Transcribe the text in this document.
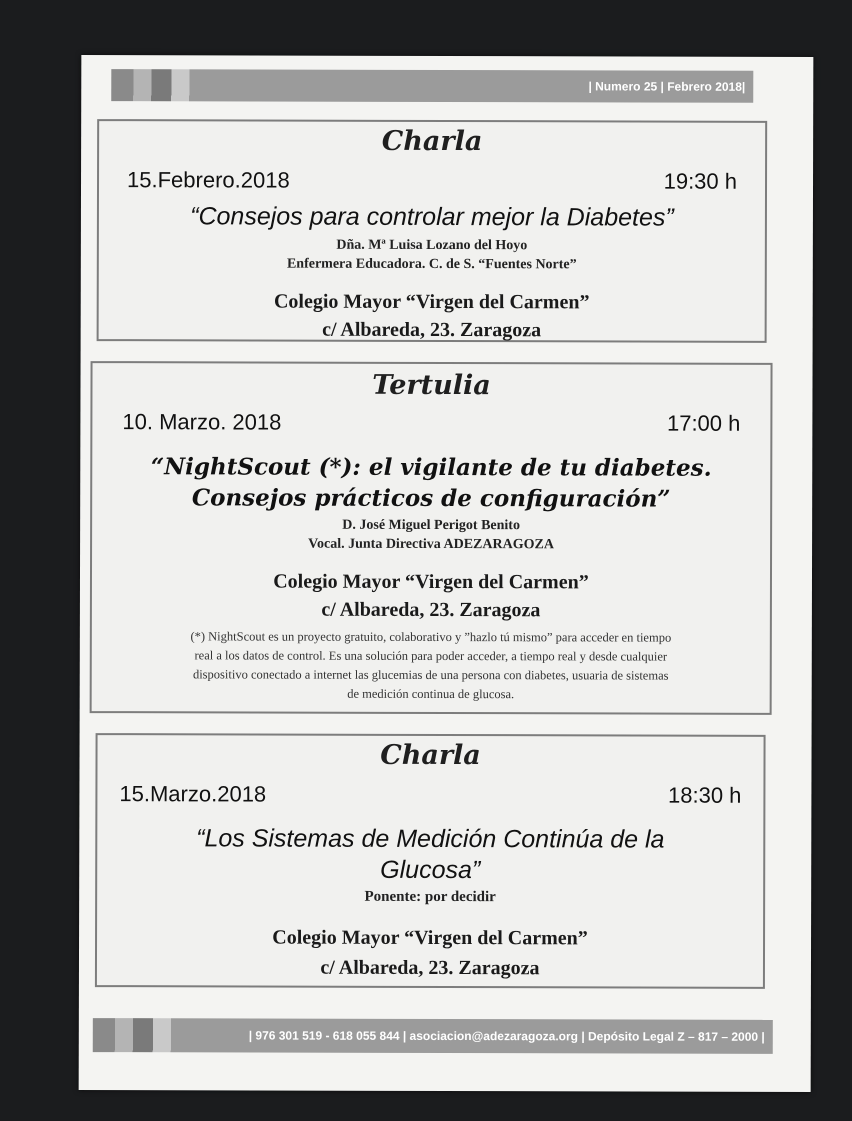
| Numero 25 | Febrero 2018|
Charla
15.Febrero.2018	19:30 h
“Consejos para controlar mejor la Diabetes”
Dña. Mª Luisa Lozano del Hoyo
Enfermera Educadora. C. de S. “Fuentes Norte”
Colegio Mayor “Virgen del Carmen”
c/ Albareda, 23. Zaragoza
Tertulia
10. Marzo. 2018	17:00 h
“NightScout (*): el vigilante de tu diabetes.
Consejos prácticos de configuración”
D. José Miguel Perigot Benito
Vocal. Junta Directiva ADEZARAGOZA
Colegio Mayor “Virgen del Carmen”
c/ Albareda, 23. Zaragoza
(*) NightScout es un proyecto gratuito, colaborativo y ”hazlo tú mismo” para acceder en tiempo
real a los datos de control. Es una solución para poder acceder, a tiempo real y desde cualquier
dispositivo conectado a internet las glucemias de una persona con diabetes, usuaria de sistemas
de medición continua de glucosa.
Charla
15.Marzo.2018	18:30 h
“Los Sistemas de Medición Continúa de la
Glucosa”
Ponente: por decidir
Colegio Mayor “Virgen del Carmen”
c/ Albareda, 23. Zaragoza
| 976 301 519 - 618 055 844 | asociacion@adezaragoza.org | Depósito Legal Z – 817 – 2000 |
